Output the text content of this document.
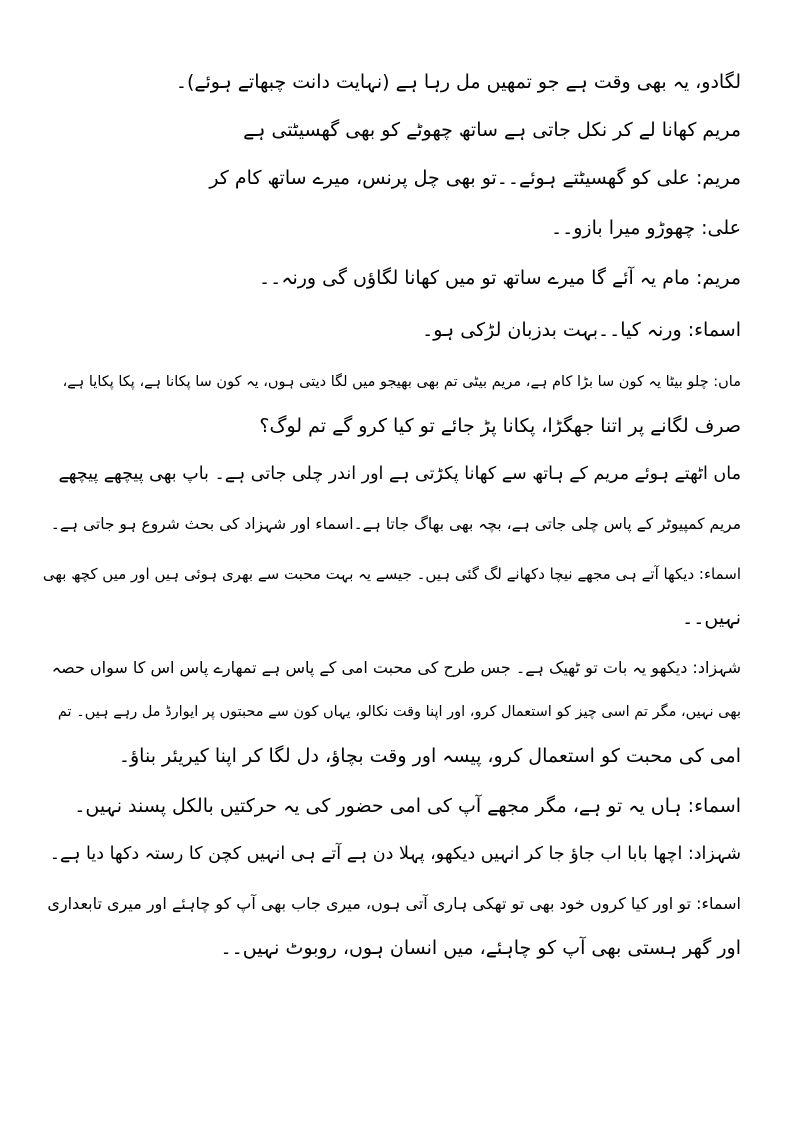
لگادو، یہ بھی وقت ہے جو تمھیں مل رہا ہے (نہایت دانت چبھاتے ہوئے)۔
مریم کھانا لے کر نکل جاتی ہے ساتھ چھوٹے کو بھی گھسیٹتی ہے
مریم: علی کو گھسیٹتے ہوئے۔۔تو بھی چل پرنس، میرے ساتھ کام کر
علی: چھوڑو میرا بازو۔۔
مریم: مام یہ آئے گا میرے ساتھ تو میں کھانا لگاؤں گی ورنہ۔۔
اسماء: ورنہ کیا۔۔بہت بدزبان لڑکی ہو۔
ماں: چلو بیٹا یہ کون سا بڑا کام ہے، مریم بیٹی تم بھی بھیجو میں لگا دیتی ہوں، یہ کون سا پکانا ہے، پکا پکایا ہے،
صرف لگانے پر اتنا جھگڑا، پکانا پڑ جائے تو کیا کرو گے تم لوگ؟
ماں اٹھتے ہوئے مریم کے ہاتھ سے کھانا پکڑتی ہے اور اندر چلی جاتی ہے۔ باپ بھی پیچھے پیچھے
مریم کمپیوٹر کے پاس چلی جاتی ہے، بچہ بھی بھاگ جاتا ہے۔اسماء اور شہزاد کی بحث شروع ہو جاتی ہے۔
اسماء: دیکھا آتے ہی مجھے نیچا دکھانے لگ گئی ہیں۔ جیسے یہ بہت محبت سے بھری ہوئی ہیں اور میں کچھ بھی
نہیں۔۔
شہزاد: دیکھو یہ بات تو ٹھیک ہے۔ جس طرح کی محبت امی کے پاس ہے تمھارے پاس اس کا سواں حصہ
بھی نہیں، مگر تم اسی چیز کو استعمال کرو، اور اپنا وقت نکالو، یہاں کون سے محبتوں پر ایوارڈ مل رہے ہیں۔ تم
امی کی محبت کو استعمال کرو، پیسہ اور وقت بچاؤ، دل لگا کر اپنا کیریئر بناؤ۔
اسماء: ہاں یہ تو ہے، مگر مجھے آپ کی امی حضور کی یہ حرکتیں بالکل پسند نہیں۔
شہزاد: اچھا بابا اب جاؤ جا کر انہیں دیکھو، پہلا دن ہے آتے ہی انہیں کچن کا رستہ دکھا دیا ہے۔
اسماء: تو اور کیا کروں خود بھی تو تھکی ہاری آتی ہوں، میری جاب بھی آپ کو چاہئے اور میری تابعداری
اور گھر ہستی بھی آپ کو چاہئے، میں انسان ہوں، روبوٹ نہیں۔۔
